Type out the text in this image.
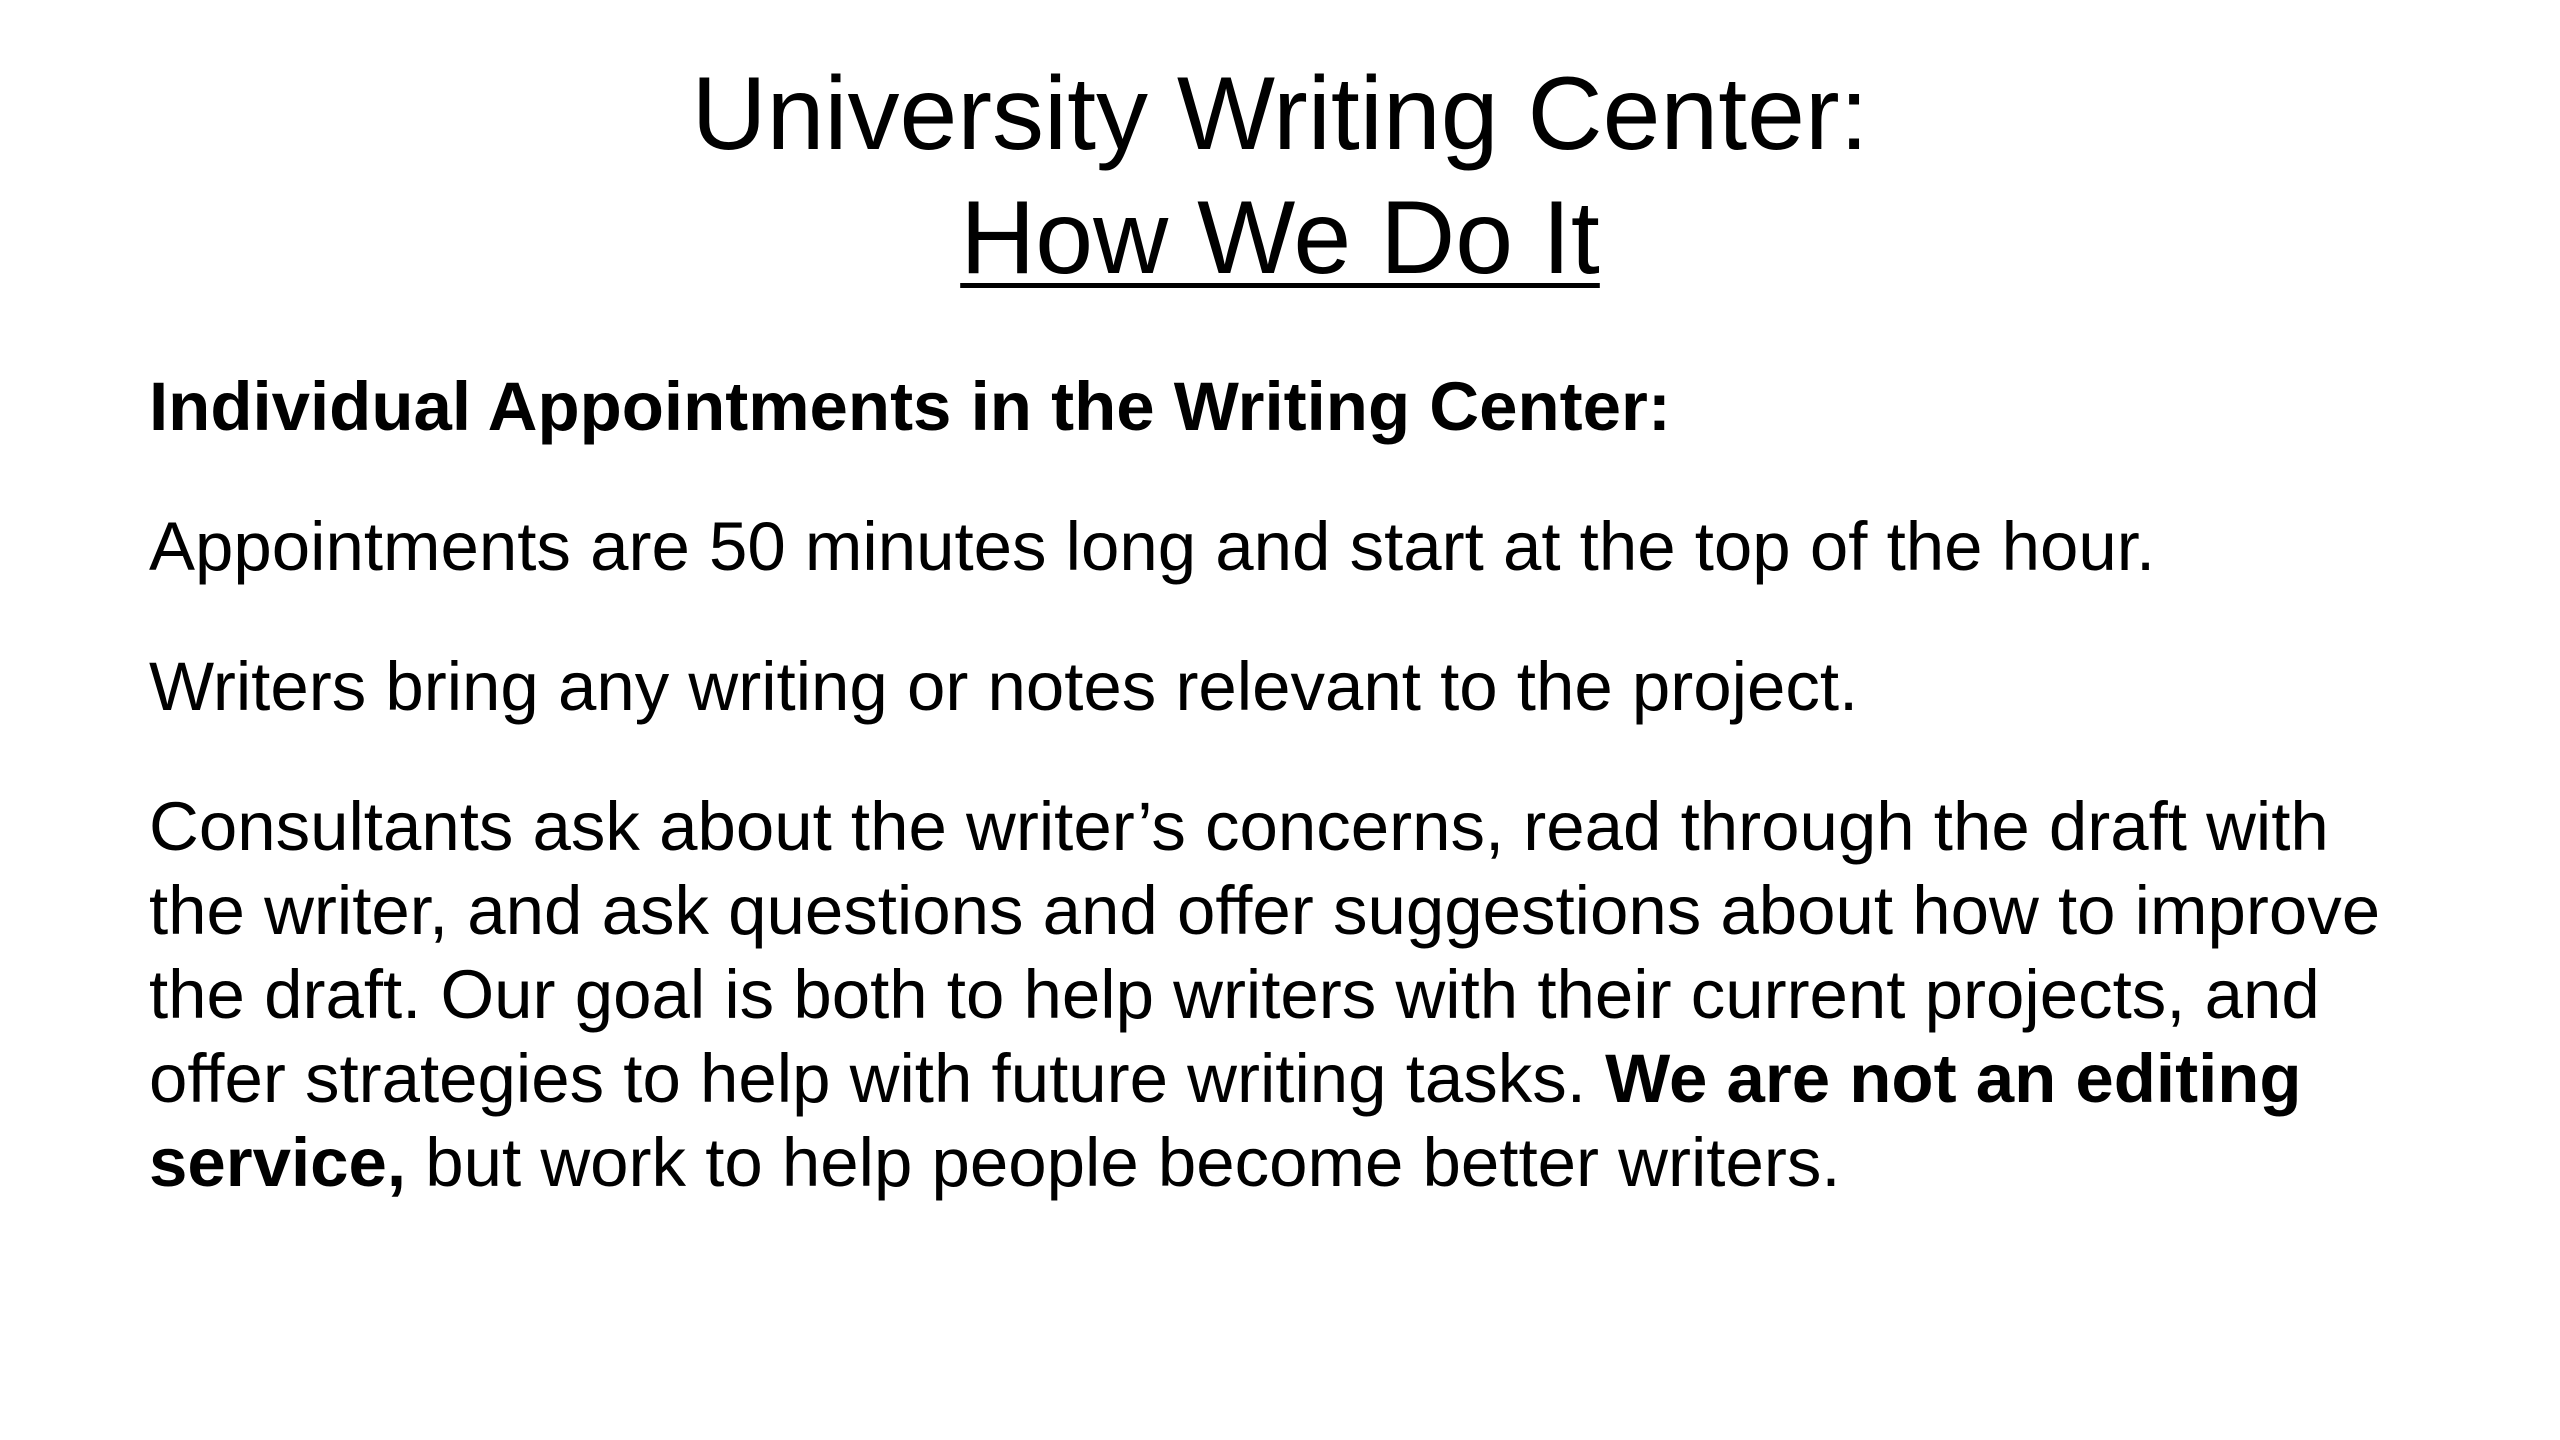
University Writing Center:
How We Do It

Individual Appointments in the Writing Center:

Appointments are 50 minutes long and start at the top of the hour.

Writers bring any writing or notes relevant to the project.

Consultants ask about the writer’s concerns, read through the draft with the writer, and ask questions and offer suggestions about how to improve the draft. Our goal is both to help writers with their current projects, and offer strategies to help with future writing tasks. We are not an editing service, but work to help people become better writers.
